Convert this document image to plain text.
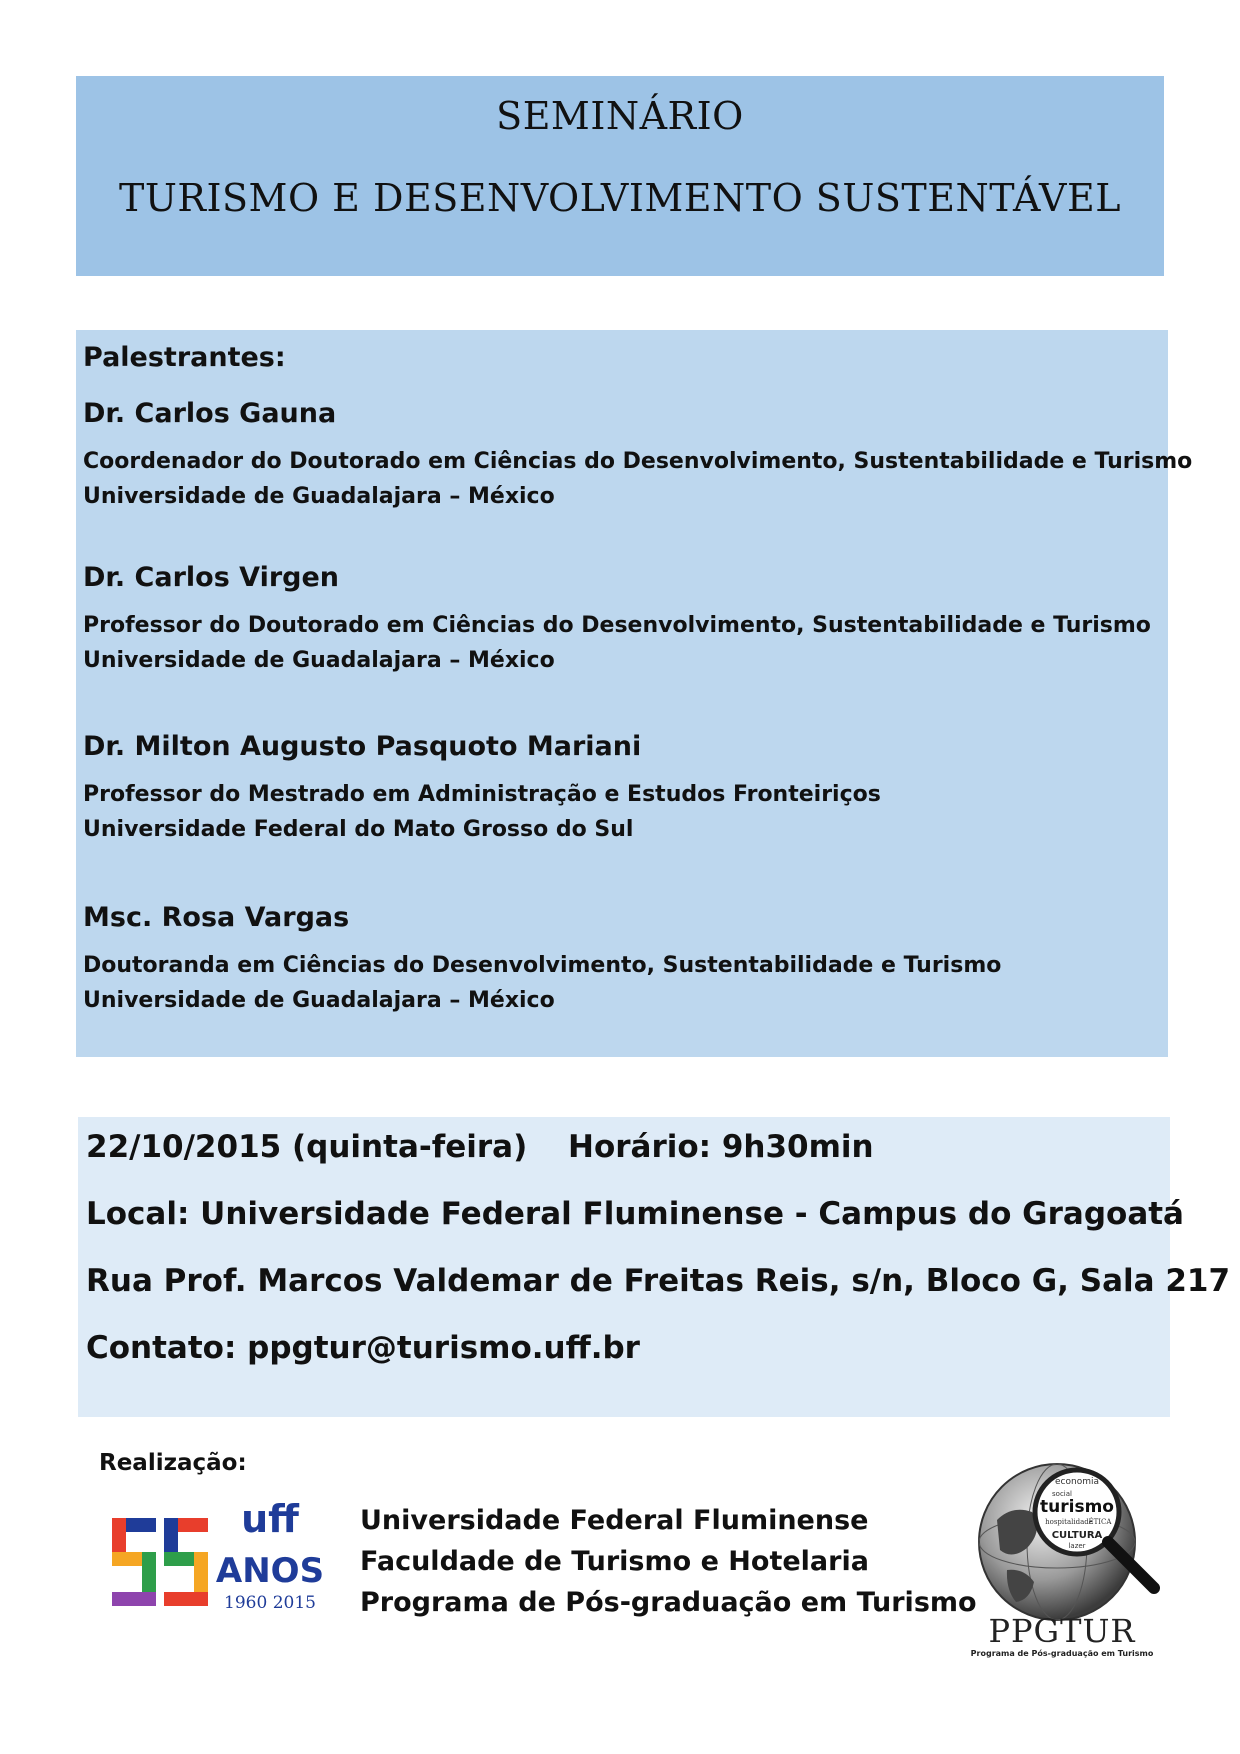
SEMINÁRIO
TURISMO E DESENVOLVIMENTO SUSTENTÁVEL
Palestrantes:
Dr. Carlos Gauna
Coordenador do Doutorado em Ciências do Desenvolvimento, Sustentabilidade e Turismo
Universidade de Guadalajara – México
Dr. Carlos Virgen
Professor do Doutorado em Ciências do Desenvolvimento, Sustentabilidade e Turismo
Universidade de Guadalajara – México
Dr. Milton Augusto Pasquoto Mariani
Professor do Mestrado em Administração e Estudos Fronteiriços
Universidade Federal do Mato Grosso do Sul
Msc. Rosa Vargas
Doutoranda em Ciências do Desenvolvimento, Sustentabilidade e Turismo
Universidade de Guadalajara – México
22/10/2015 (quinta-feira) Horário: 9h30min
Local: Universidade Federal Fluminense - Campus do Gragoatá
Rua Prof. Marcos Valdemar de Freitas Reis, s/n, Bloco G, Sala 217
Contato: ppgtur@turismo.uff.br
Realização:
uff
ANOS
1960 2015
55
Universidade Federal Fluminense
Faculdade de Turismo e Hotelaria
Programa de Pós-graduação em Turismo
economia
social
turismo
hospitalidade
ÉTICA
CULTURA
lazer
PPGTUR
Programa de Pós-graduação em Turismo
